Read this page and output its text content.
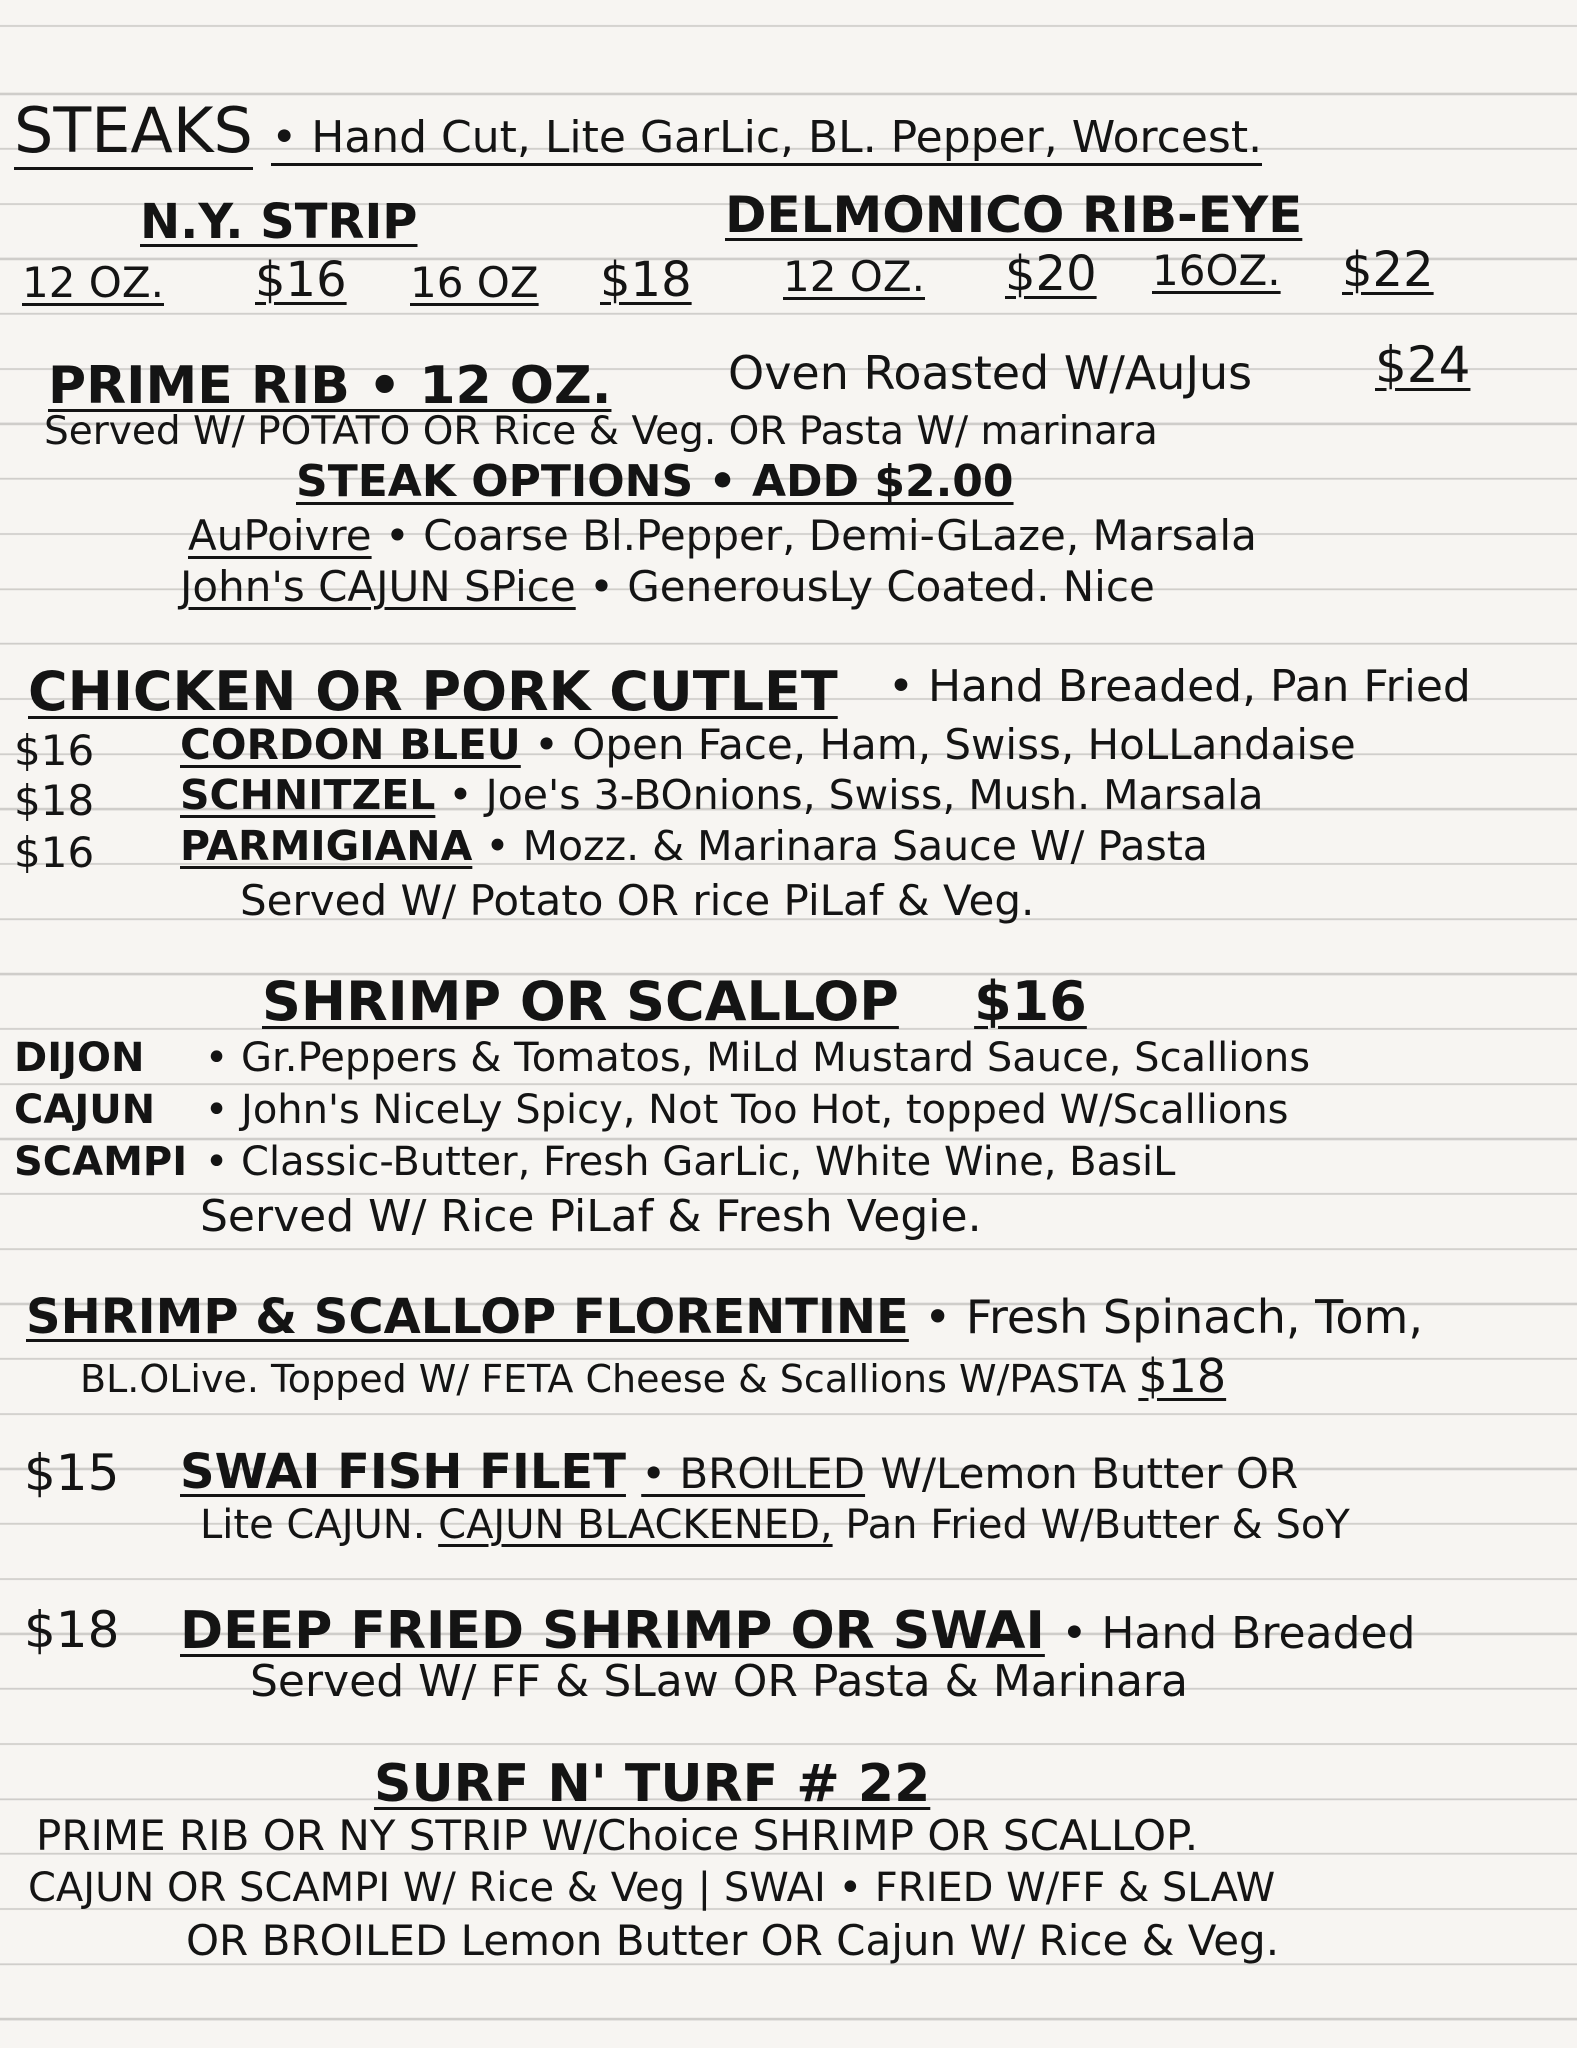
STEAKS • Hand Cut, Lite GarLic, BL. Pepper, Worcest.
N.Y. STRIP	DELMONICO RIB-EYE
12 OZ. $16 16 OZ $18 12 OZ. $20 16OZ. $22
PRIME RIB • 12 OZ.	Oven Roasted W/AuJus $24
Served W/ POTATO OR Rice & Veg. OR Pasta W/ marinara
STEAK OPTIONS • ADD $2.00
AuPoivre • Coarse Bl.Pepper, Demi-GLaze, Marsala
John's CAJUN SPice • GenerousLy Coated. Nice
CHICKEN OR PORK CUTLET • Hand Breaded, Pan Fried
$16 CORDON BLEU • Open Face, Ham, Swiss, HoLLandaise
$18 SCHNITZEL • Joe's 3-BOnions, Swiss, Mush. Marsala
$16 PARMIGIANA • Mozz. & Marinara Sauce W/ Pasta
Served W/ Potato OR rice PiLaf & Veg.
SHRIMP OR SCALLOP $16
DIJON • Gr.Peppers & Tomatos, MiLd Mustard Sauce, Scallions
CAJUN • John's NiceLy Spicy, Not Too Hot, topped W/Scallions
SCAMPI • Classic-Butter, Fresh GarLic, White Wine, BasiL
Served W/ Rice PiLaf & Fresh Vegie.
SHRIMP & SCALLOP FLORENTINE • Fresh Spinach, Tom,
BL.OLive. Topped W/ FETA Cheese & Scallions W/PASTA $18
$15 SWAI FISH FILET • BROILED W/Lemon Butter OR
Lite CAJUN. CAJUN BLACKENED, Pan Fried W/Butter & SoY
$18 DEEP FRIED SHRIMP OR SWAI • Hand Breaded
Served W/ FF & SLaw OR Pasta & Marinara
SURF N' TURF # 22
PRIME RIB OR NY STRIP W/Choice SHRIMP OR SCALLOP.
CAJUN OR SCAMPI W/ Rice & Veg | SWAI • FRIED W/FF & SLAW
OR BROILED Lemon Butter OR Cajun W/ Rice & Veg.
